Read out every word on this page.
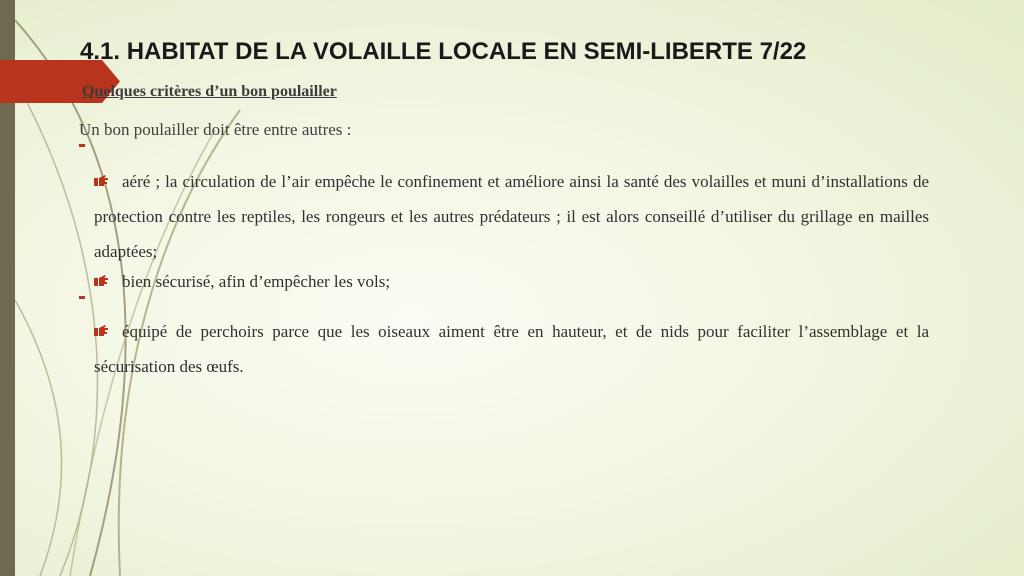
4.1. HABITAT DE LA VOLAILLE LOCALE EN SEMI-LIBERTE 7/22
Quelques critères d’un bon poulailler
Un bon poulailler doit être entre autres :
aéré ; la circulation de l’air empêche le confinement et améliore ainsi la santé des volailles et muni d’installations de protection contre les reptiles, les rongeurs et les autres prédateurs ; il est alors conseillé d’utiliser du grillage en mailles adaptées;
bien sécurisé, afin d’empêcher les vols;
équipé de perchoirs parce que les oiseaux aiment être en hauteur, et de nids pour faciliter l’assemblage et la sécurisation des œufs.
